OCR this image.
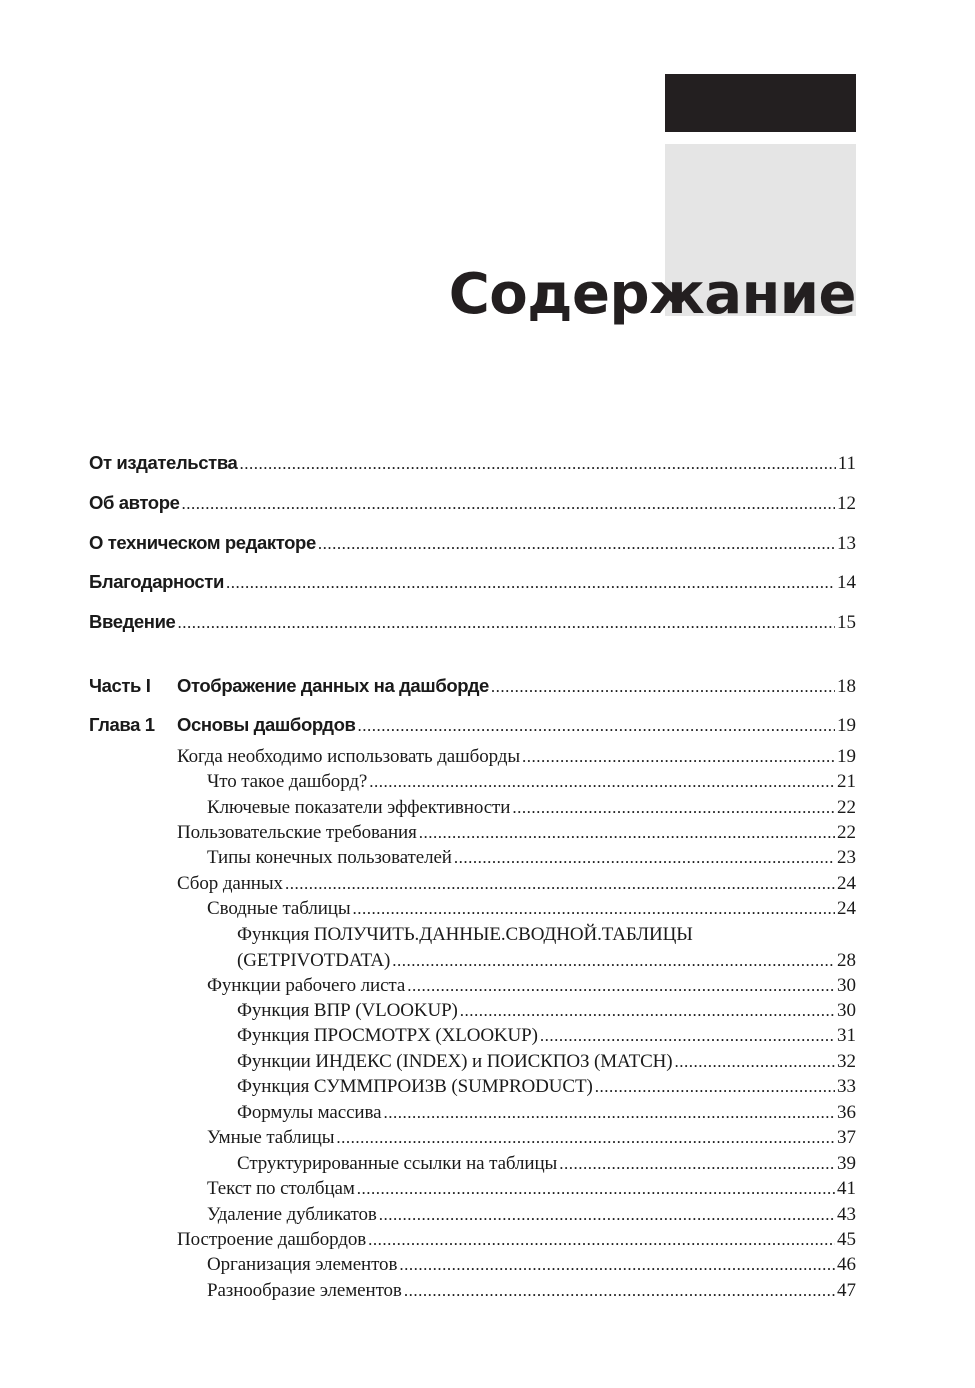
Содержание
От издательства .....	11
Об авторе .....	12
О техническом редакторе .....	13
Благодарности .....	14
Введение .....	15
Часть I Отображение данных на дашборде .....	18
Глава 1 Основы дашбордов .....	19
Когда необходимо использовать дашборды .....	19
Что такое дашборд? .....	21
Ключевые показатели эффективности .....	22
Пользовательские требования .....	22
Типы конечных пользователей .....	23
Сбор данных .....	24
Сводные таблицы .....	24
Функция ПОЛУЧИТЬ.ДАННЫЕ.СВОДНОЙ.ТАБЛИЦЫ
(GETPIVOTDATA) .....	28
Функции рабочего листа .....	30
Функция ВПР (VLOOKUP) .....	30
Функция ПРОСМОТРX (XLOOKUP) .....	31
Функции ИНДЕКС (INDEX) и ПОИСКПОЗ (MATCH) .....	32
Функция СУММПРОИЗВ (SUMPRODUCT) .....	33
Формулы массива .....	36
Умные таблицы .....	37
Структурированные ссылки на таблицы .....	39
Текст по столбцам .....	41
Удаление дубликатов .....	43
Построение дашбордов .....	45
Организация элементов .....	46
Разнообразие элементов .....	47
